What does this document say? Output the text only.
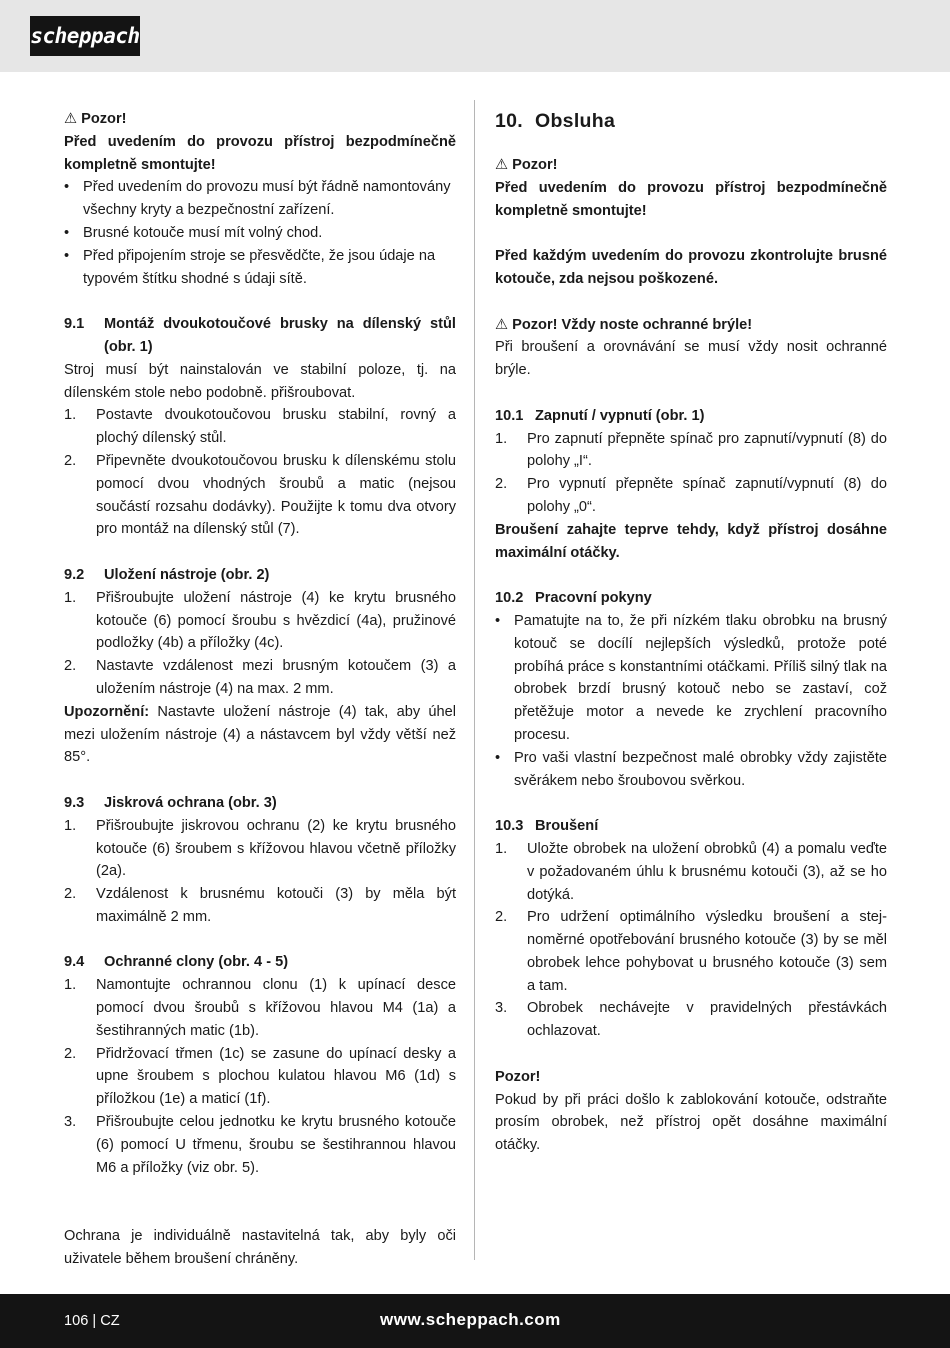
scheppach

⚠ Pozor!

Před uvedením do provozu přístroj bezpodmínečně kompletně smontujte!

• Před uvedením do provozu musí být řádně namontovány všechny kryty a bezpečnostní zařízení.
• Brusné kotouče musí mít volný chod.
• Před připojením stroje se přesvědčte, že jsou údaje na typovém štítku shodné s údaji sítě.
9.1	Montáž dvoukotoučové brusky na dílenský stůl (obr. 1)

Stroj musí být nainstalován ve stabilní poloze, tj. na dílenském stole nebo podobně. přišroubovat.

1.	Postavte dvoukotoučovou brusku stabilní, rovný a plochý dílenský stůl.
2.	Připevněte dvoukotoučovou brusku k dílenskému stolu pomocí dvou vhodných šroubů a matic (nejsou součástí rozsahu dodávky). Použijte k tomu dva otvory pro montáž na dílenský stůl (7).
9.2	Uložení nástroje (obr. 2)
1.	Přišroubujte uložení nástroje (4) ke krytu brusného kotouče (6) pomocí šroubu s hvězdicí (4a), pružinové podložky (4b) a příložky (4c).
2.	Nastavte vzdálenost mezi brusným kotoučem (3) a uložením nástroje (4) na max. 2 mm.

Upozornění: Nastavte uložení nástroje (4) tak, aby úhel mezi uložením nástroje (4) a nástavcem byl vždy větší než 85°.

9.3	Jiskrová ochrana (obr. 3)
1.	Přišroubujte jiskrovou ochranu (2) ke krytu brusného kotouče (6) šroubem s křížovou hlavou včetně příložky (2a).
2.	Vzdálenost k brusnému kotouči (3) by měla být maximálně 2 mm.
9.4	Ochranné clony (obr. 4 - 5)
1.	Namontujte ochrannou clonu (1) k upínací desce pomocí dvou šroubů s křížovou hlavou M4 (1a) a šestihranných matic (1b).
2.	Přidržovací třmen (1c) se zasune do upínací desky a upne šroubem s plochou kulatou hlavou M6 (1d) s příložkou (1e) a maticí (1f).
3.	Přišroubujte celou jednotku ke krytu brusného kotouče (6) pomocí U třmenu, šroubu se šestihrannou hlavou M6 a příložky (viz obr. 5).

Ochrana je individuálně nastavitelná tak, aby byly oči uživatele během broušení chráněny.

10. Obsluha

⚠ Pozor!

Před uvedením do provozu přístroj bezpodmínečně kompletně smontujte!

Před každým uvedením do provozu zkontrolujte brusné kotouče, zda nejsou poškozené.

⚠ Pozor! Vždy noste ochranné brýle!

Při broušení a orovnávání se musí vždy nosit ochranné brýle.

10.1 Zapnutí / vypnutí (obr. 1)
1.	Pro zapnutí přepněte spínač pro zapnutí/vypnutí (8) do polohy „I“.
2.	Pro vypnutí přepněte spínač zapnutí/vypnutí (8) do polohy „0“.

Broušení zahajte teprve tehdy, když přístroj dosáhne maximální otáčky.

10.2 Pracovní pokyny
• Pamatujte na to, že při nízkém tlaku obrobku na brusný kotouč se docílí nejlepších výsledků, protože poté probíhá práce s konstantními otáčkami. Příliš silný tlak na obrobek brzdí brusný kotouč nebo se zastaví, což přetěžuje motor a nevede ke zrychlení pracovního procesu.
• Pro vaši vlastní bezpečnost malé obrobky vždy zajistěte svěrákem nebo šroubovou svěrkou.
10.3 Broušení
1.	Uložte obrobek na uložení obrobků (4) a pomalu veďte v požadovaném úhlu k brusnému kotouči (3), až se ho dotýká.
2.	Pro udržení optimálního výsledku broušení a stejnoměrné opotřebování brusného kotouče (3) by se měl obrobek lehce pohybovat u brusného kotouče (3) sem a tam.
3.	Obrobek nechávejte v pravidelných přestávkách ochlazovat.

Pozor!

Pokud by při práci došlo k zablokování kotouče, odstraňte prosím obrobek, než přístroj opět dosáhne maximální otáčky.

106 | CZ	www.scheppach.com
